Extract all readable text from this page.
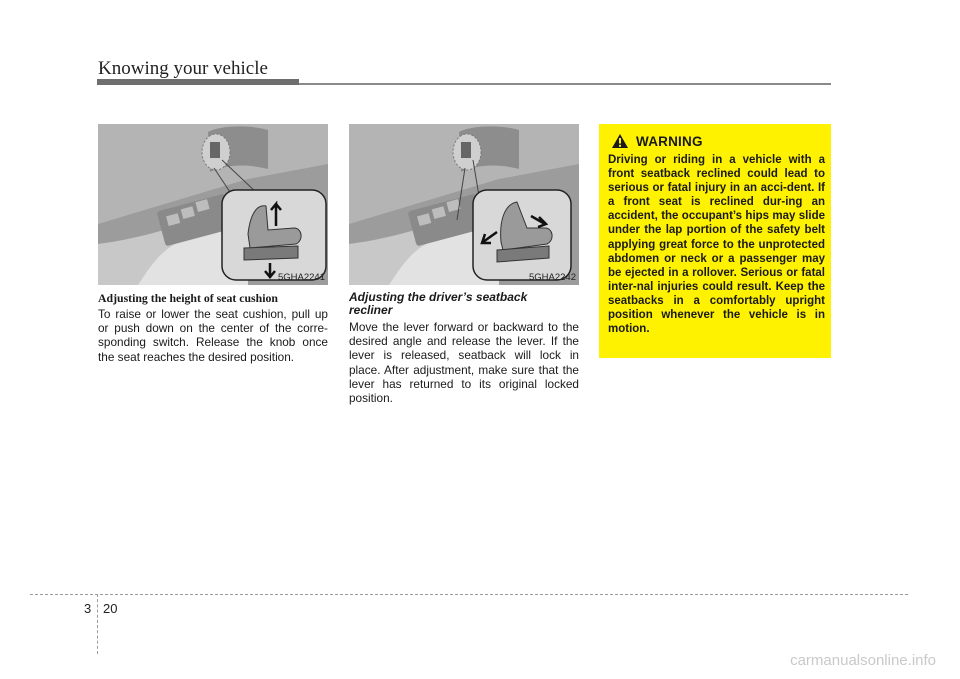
Knowing your vehicle
5GHA2241	5GHA2242
Adjusting the height of seat cushion
To raise or lower the seat cushion, pull up or push down on the center of the corre-sponding switch. Release the knob once the seat reaches the desired position.
Adjusting the driver’s seatback
recliner
Move the lever forward or backward to the desired angle and release the lever. If the lever is released, seatback will lock in place. After adjustment, make sure that the lever has returned to its original locked position.
WARNING
Driving or riding in a vehicle with a front seatback reclined could lead to serious or fatal injury in an acci-dent. If a front seat is reclined dur-ing an accident, the occupant’s hips may slide under the lap portion of the safety belt applying great force to the unprotected abdomen or neck or a passenger may be ejected in a rollover. Serious or fatal inter-nal injuries could result. Keep the seatbacks in a comfortably upright position whenever the vehicle is in motion.
3 20
carmanualsonline.info
